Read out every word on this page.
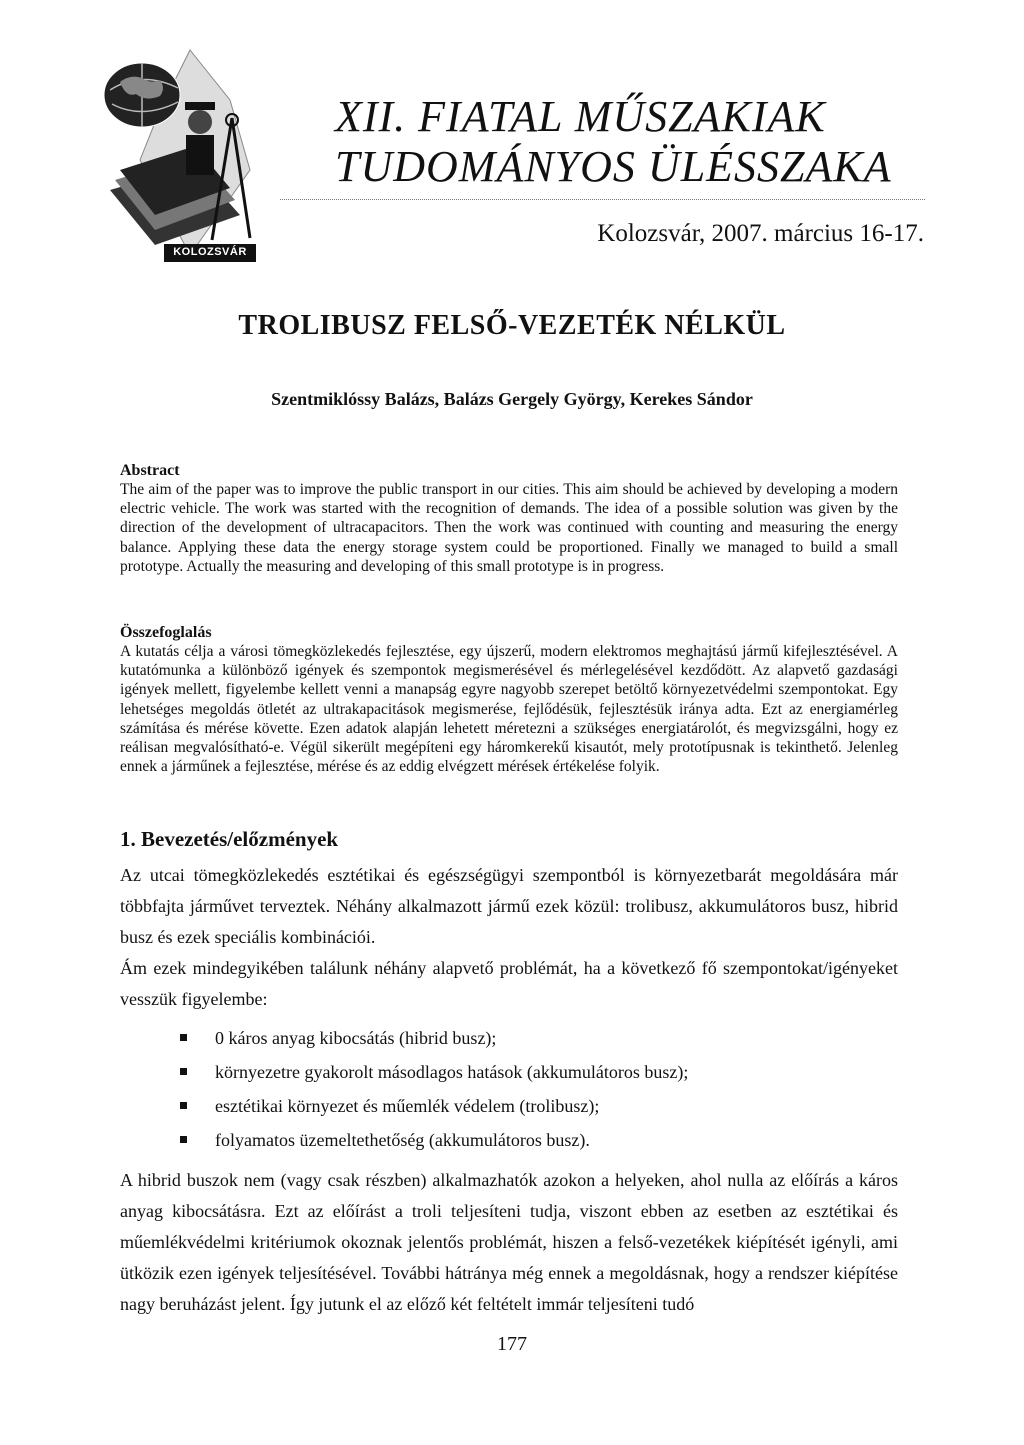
KOLOZSVÁR
XII. FIATAL MŰSZAKIAK
TUDOMÁNYOS ÜLÉSSZAKA
Kolozsvár, 2007. március 16-17.
TROLIBUSZ FELSŐ-VEZETÉK NÉLKÜL
Szentmiklóssy Balázs, Balázs Gergely György, Kerekes Sándor
Abstract

The aim of the paper was to improve the public transport in our cities. This aim should be achieved by developing a modern electric vehicle. The work was started with the recognition of demands. The idea of a possible solution was given by the direction of the development of ultracapacitors. Then the work was continued with counting and measuring the energy balance. Applying these data the energy storage system could be proportioned. Finally we managed to build a small prototype. Actually the measuring and developing of this small prototype is in progress.

Összefoglalás

A kutatás célja a városi tömegközlekedés fejlesztése, egy újszerű, modern elektromos meghajtású jármű kifejlesztésével. A kutatómunka a különböző igények és szempontok megismerésével és mérlegelésével kezdődött. Az alapvető gazdasági igények mellett, figyelembe kellett venni a manapság egyre nagyobb szerepet betöltő környezetvédelmi szempontokat. Egy lehetséges megoldás ötletét az ultrakapacitások megismerése, fejlődésük, fejlesztésük iránya adta. Ezt az energiamérleg számítása és mérése követte. Ezen adatok alapján lehetett méretezni a szükséges energiatárolót, és megvizsgálni, hogy ez reálisan megvalósítható-e. Végül sikerült megépíteni egy háromkerekű kisautót, mely prototípusnak is tekinthető. Jelenleg ennek a járműnek a fejlesztése, mérése és az eddig elvégzett mérések értékelése folyik.

1. Bevezetés/előzmények

Az utcai tömegközlekedés esztétikai és egészségügyi szempontból is környezetbarát megoldására már többfajta járművet terveztek. Néhány alkalmazott jármű ezek közül: trolibusz, akkumulátoros busz, hibrid busz és ezek speciális kombinációi.

Ám ezek mindegyikében találunk néhány alapvető problémát, ha a következő fő szempontokat/igényeket vesszük figyelembe:

0 káros anyag kibocsátás (hibrid busz);
környezetre gyakorolt másodlagos hatások (akkumulátoros busz);
esztétikai környezet és műemlék védelem (trolibusz);
folyamatos üzemeltethetőség (akkumulátoros busz).

A hibrid buszok nem (vagy csak részben) alkalmazhatók azokon a helyeken, ahol nulla az előírás a káros anyag kibocsátásra. Ezt az előírást a troli teljesíteni tudja, viszont ebben az esetben az esztétikai és műemlékvédelmi kritériumok okoznak jelentős problémát, hiszen a felső-vezetékek kiépítését igényli, ami ütközik ezen igények teljesítésével. További hátránya még ennek a megoldásnak, hogy a rendszer kiépítése nagy beruházást jelent. Így jutunk el az előző két feltételt immár teljesíteni tudó

177
